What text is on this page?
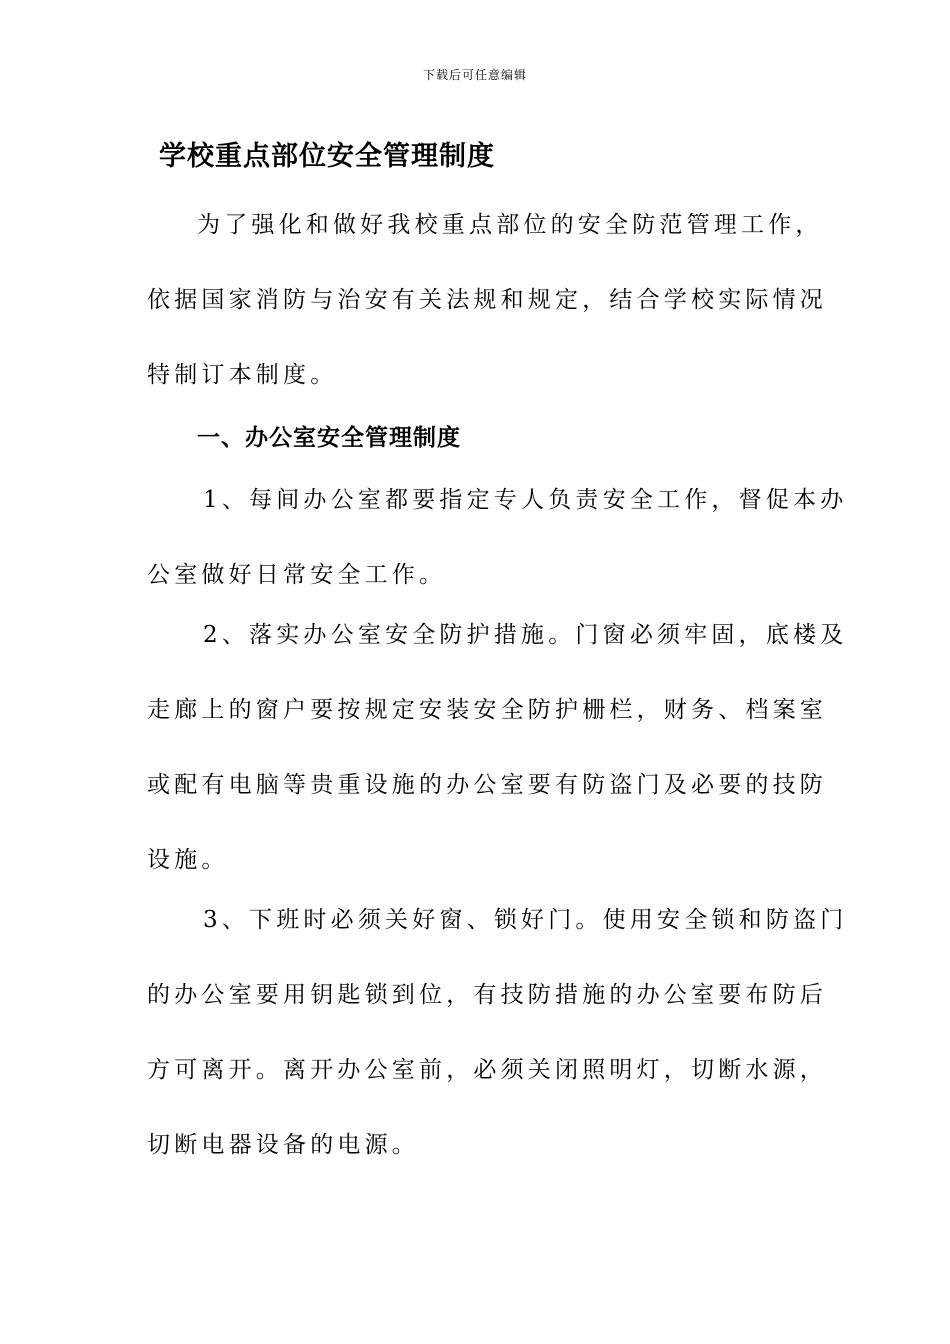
下载后可任意编辑
学校重点部位安全管理制度
为了强化和做好我校重点部位的安全防范管理工作，
依据国家消防与治安有关法规和规定，结合学校实际情况
特制订本制度。
一、办公室安全管理制度
1、每间办公室都要指定专人负责安全工作，督促本办
公室做好日常安全工作。
2、落实办公室安全防护措施。门窗必须牢固，底楼及
走廊上的窗户要按规定安装安全防护栅栏，财务、档案室
或配有电脑等贵重设施的办公室要有防盗门及必要的技防
设施。
3、下班时必须关好窗、锁好门。使用安全锁和防盗门
的办公室要用钥匙锁到位，有技防措施的办公室要布防后
方可离开。离开办公室前，必须关闭照明灯，切断水源，
切断电器设备的电源。
